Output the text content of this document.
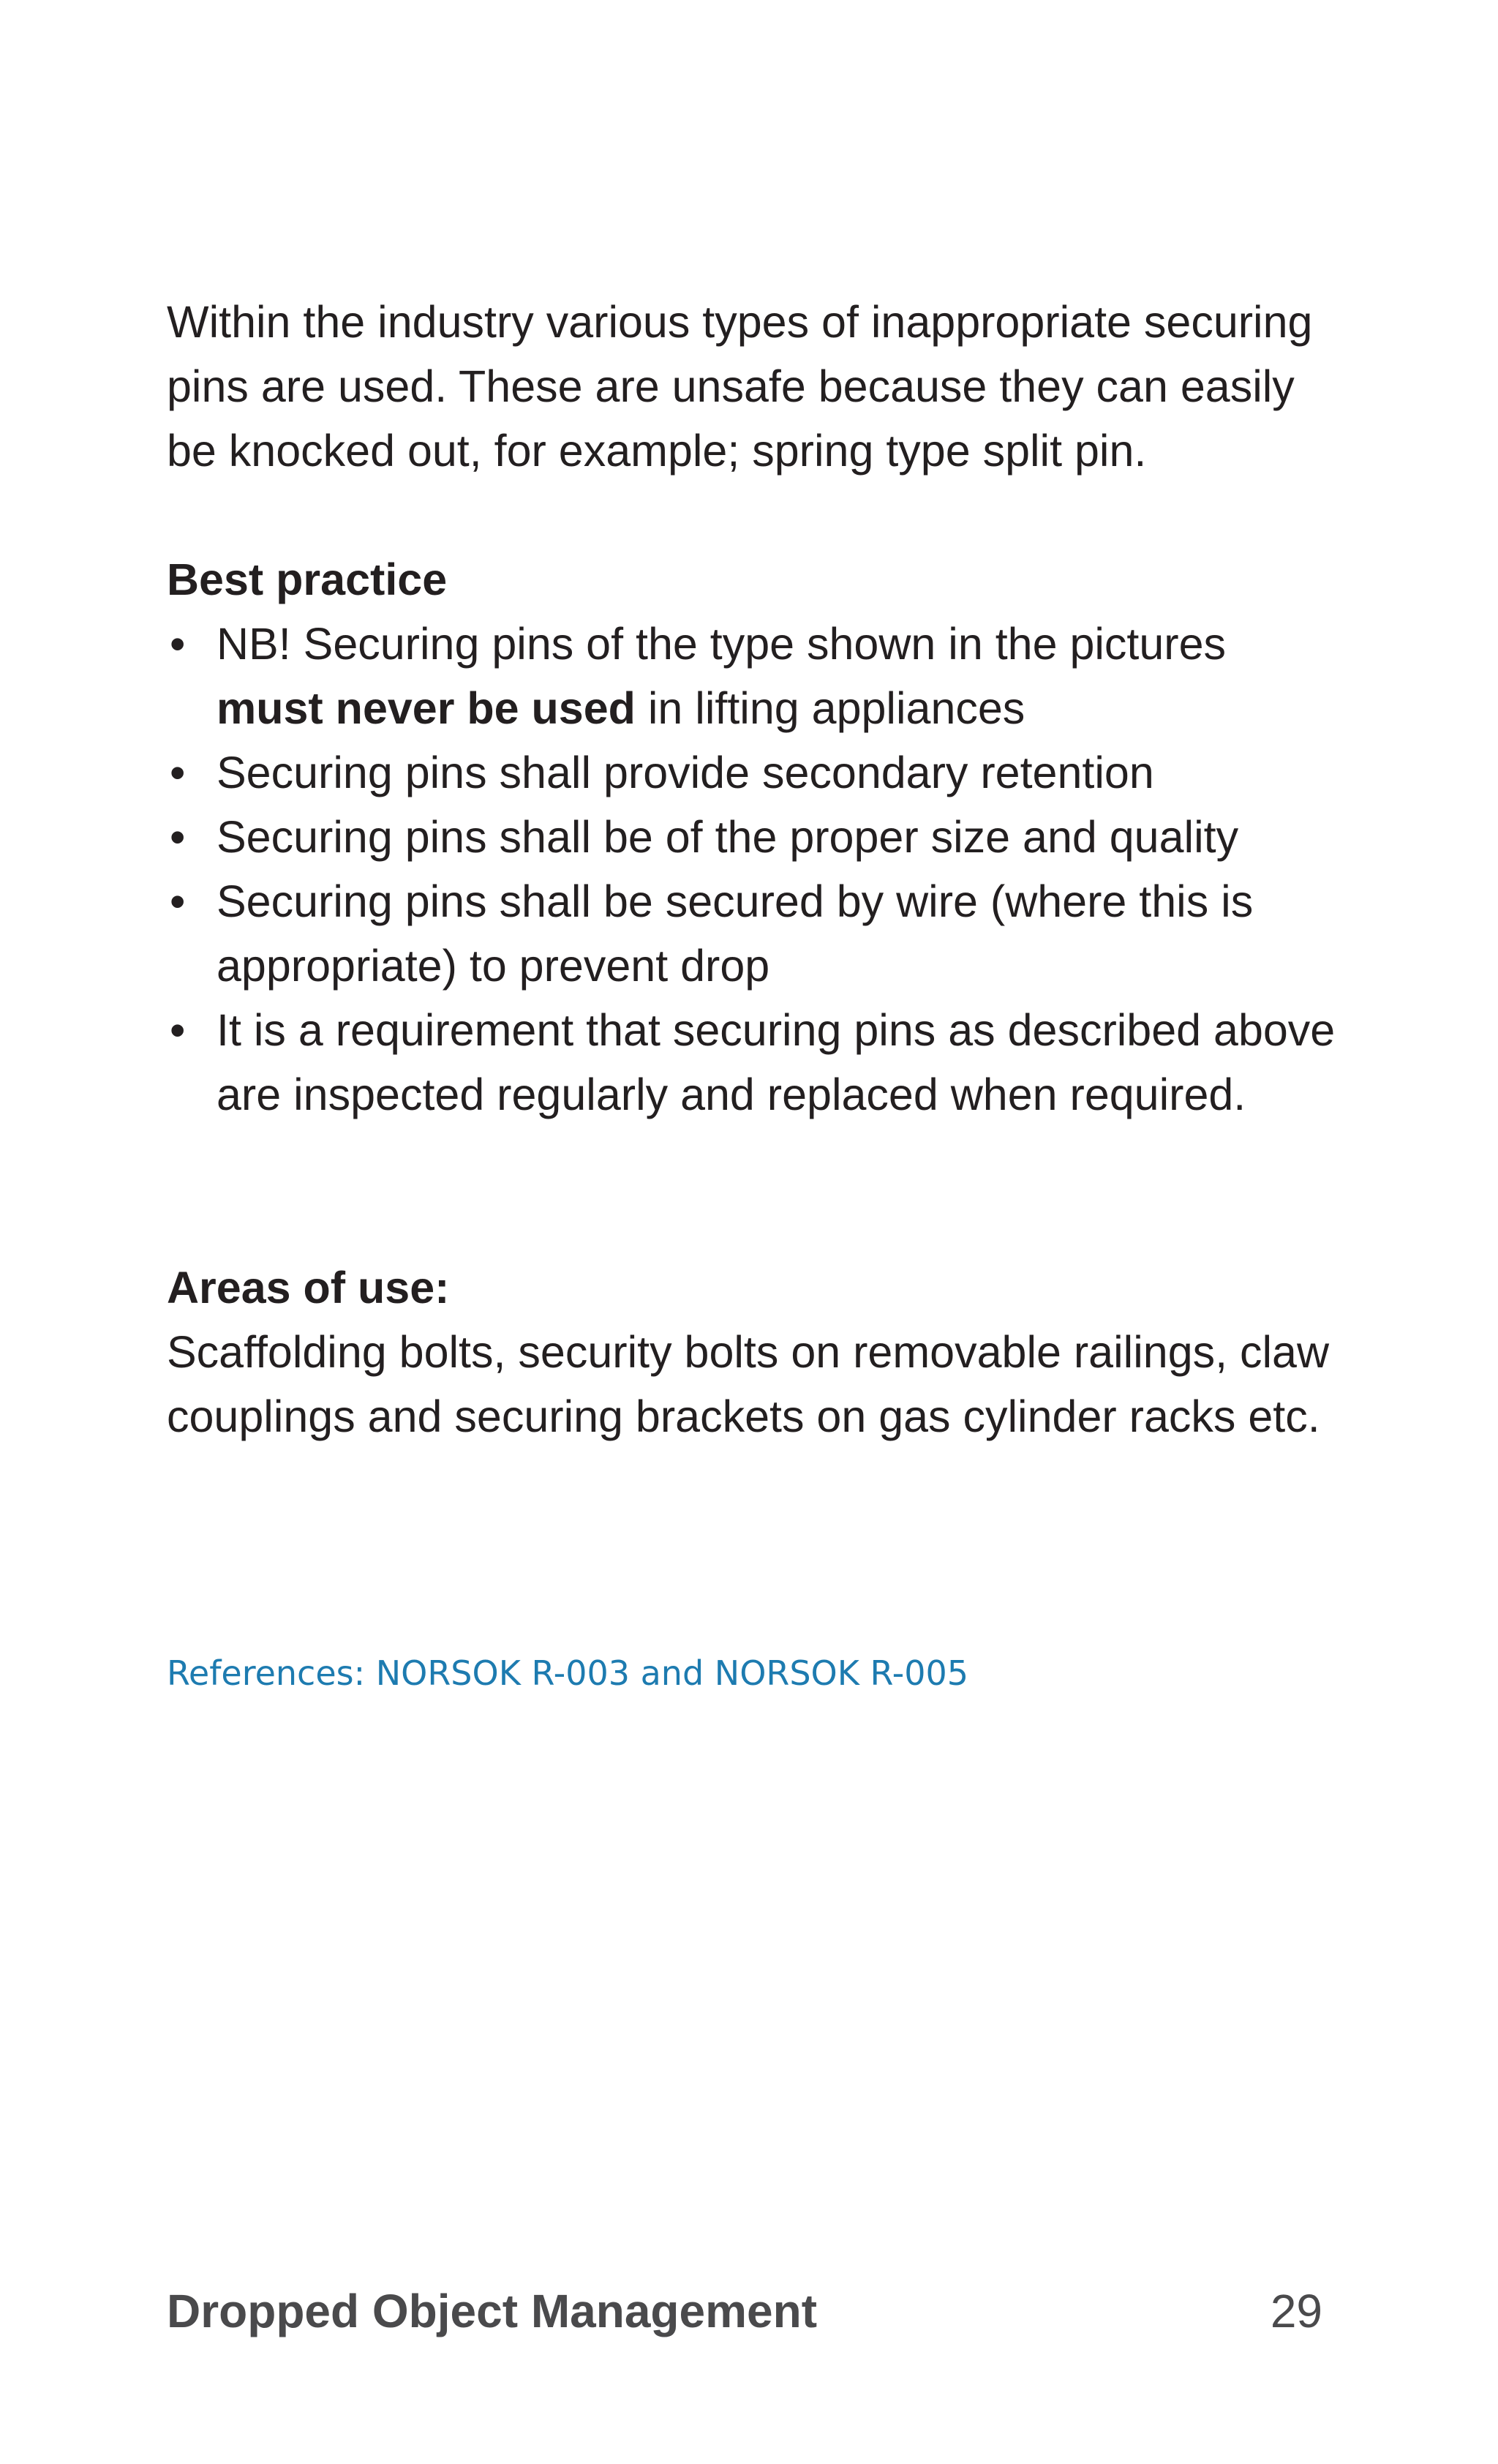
Within the industry various types of inappropriate securing pins are used. These are unsafe because they can easily be knocked out, for example; spring type split pin.

Best practice

• NB! Securing pins of the type shown in the pictures must never be used in lifting appliances
• Securing pins shall provide secondary retention
• Securing pins shall be of the proper size and quality
• Securing pins shall be secured by wire (where this is appropriate) to prevent drop
• It is a requirement that securing pins as described above are inspected regularly and replaced when required.

Areas of use:

Scaffolding bolts, security bolts on removable railings, claw couplings and securing brackets on gas cylinder racks etc.

References: NORSOK R-003 and NORSOK R-005

Dropped Object Management	29
